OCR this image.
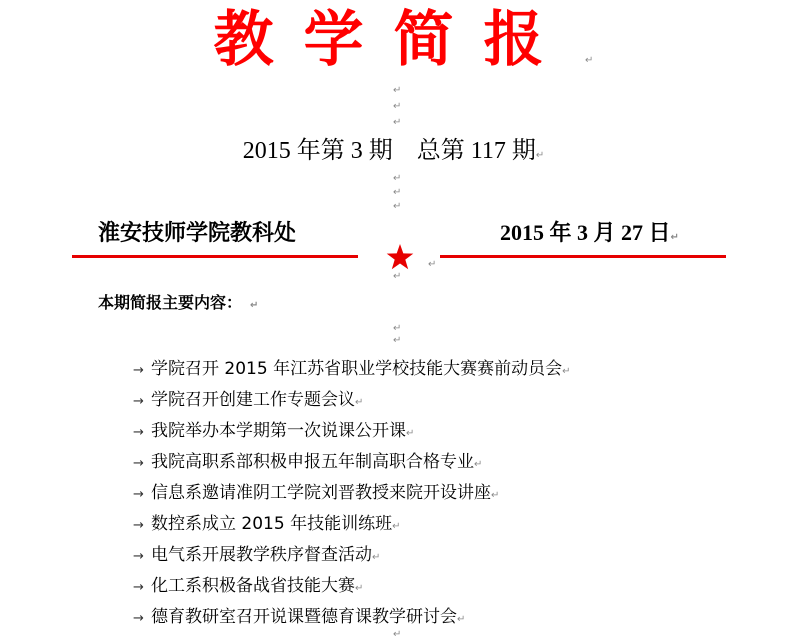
教学简报	↵
↵
↵
↵
2015 年第 3 期    总第 117 期↵
↵
↵
↵
淮安技师学院教科处	2015 年 3 月 27 日↵
↵
↵
本期简报主要内容： ↵
↵
↵
→ 学院召开 2015 年江苏省职业学校技能大赛赛前动员会↵
→ 学院召开创建工作专题会议↵
→ 我院举办本学期第一次说课公开课↵
→ 我院高职系部积极申报五年制高职合格专业↵
→ 信息系邀请准阴工学院刘晋教授来院开设讲座↵
→ 数控系成立 2015 年技能训练班↵
→ 电气系开展教学秩序督查活动↵
→ 化工系积极备战省技能大赛↵
→ 德育教研室召开说课暨德育课教学研讨会↵
↵
